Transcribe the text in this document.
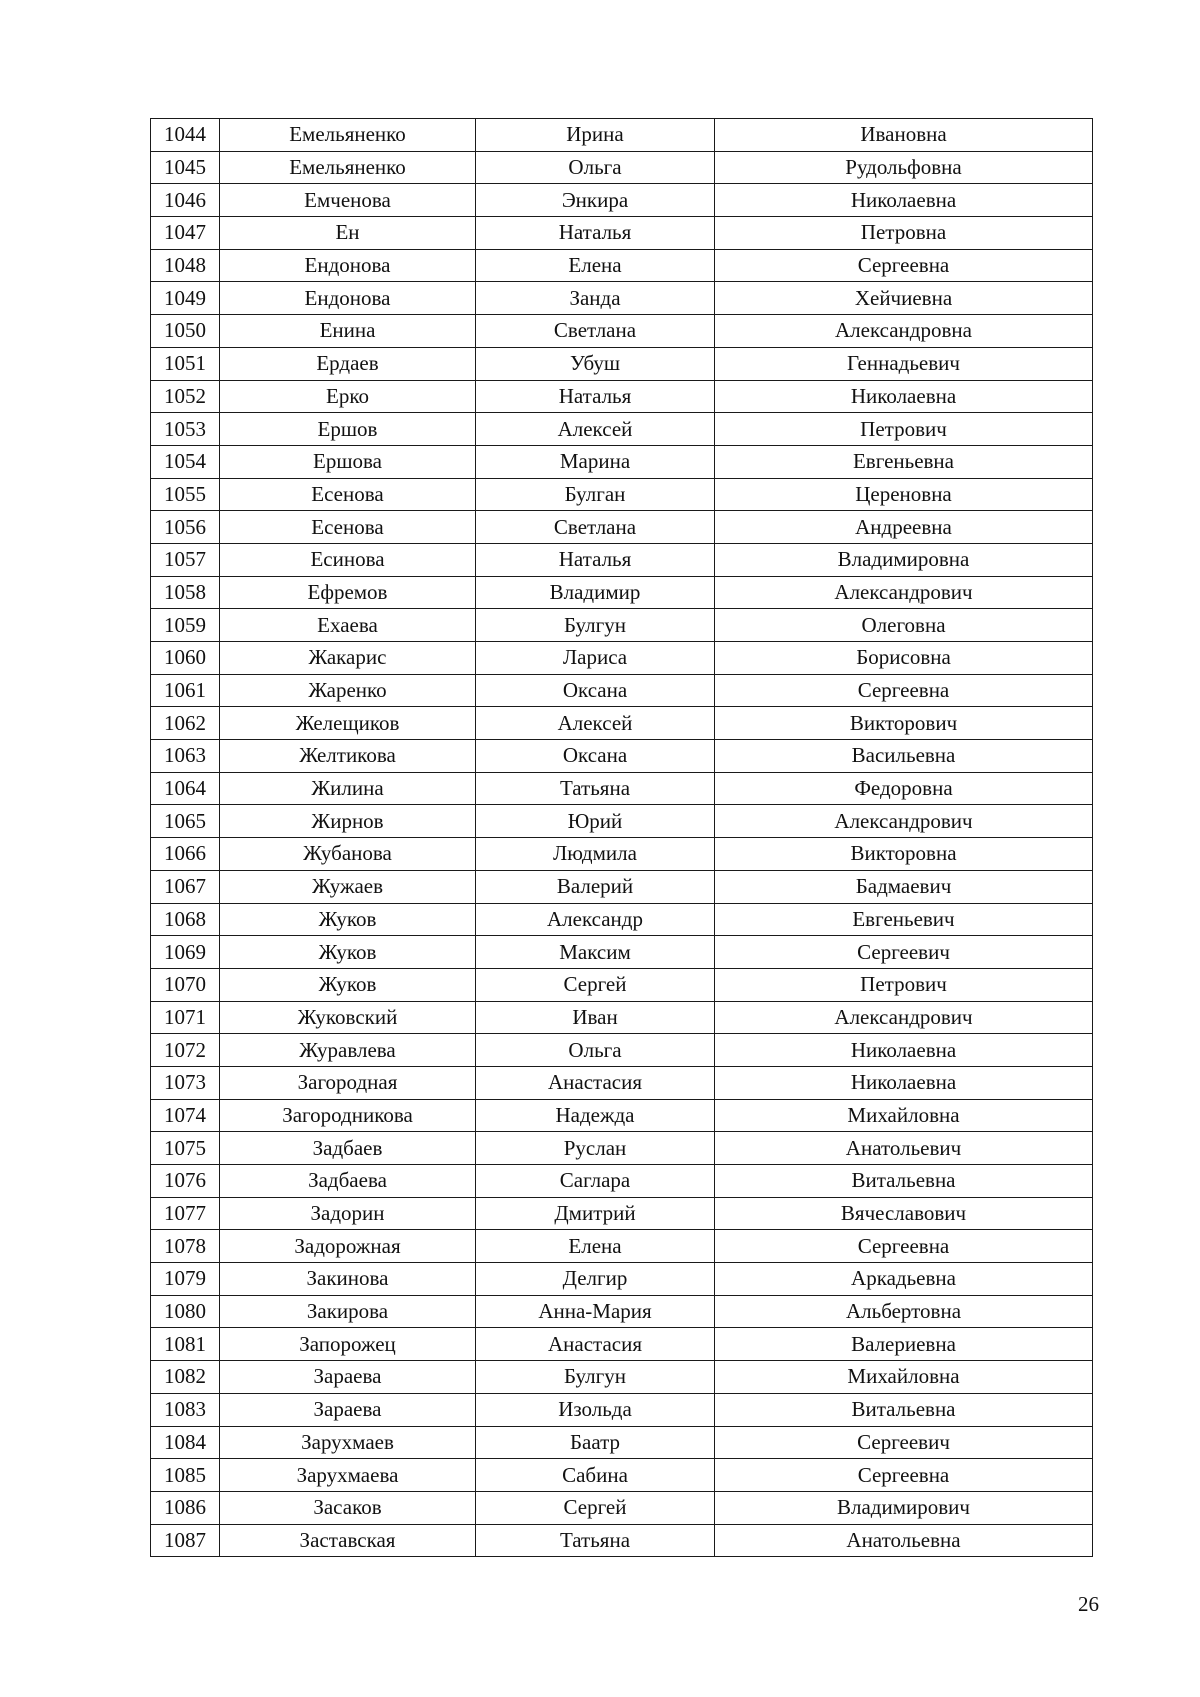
1044	Емельяненко	Ирина	Ивановна
1045	Емельяненко	Ольга	Рудольфовна
1046	Емченова	Энкира	Николаевна
1047	Ен	Наталья	Петровна
1048	Ендонова	Елена	Сергеевна
1049	Ендонова	Занда	Хейчиевна
1050	Енина	Светлана	Александровна
1051	Ердаев	Убуш	Геннадьевич
1052	Ерко	Наталья	Николаевна
1053	Ершов	Алексей	Петрович
1054	Ершова	Марина	Евгеньевна
1055	Есенова	Булган	Цереновна
1056	Есенова	Светлана	Андреевна
1057	Есинова	Наталья	Владимировна
1058	Ефремов	Владимир	Александрович
1059	Ехаева	Булгун	Олеговна
1060	Жакарис	Лариса	Борисовна
1061	Жаренко	Оксана	Сергеевна
1062	Желещиков	Алексей	Викторович
1063	Желтикова	Оксана	Васильевна
1064	Жилина	Татьяна	Федоровна
1065	Жирнов	Юрий	Александрович
1066	Жубанова	Людмила	Викторовна
1067	Жужаев	Валерий	Бадмаевич
1068	Жуков	Александр	Евгеньевич
1069	Жуков	Максим	Сергеевич
1070	Жуков	Сергей	Петрович
1071	Жуковский	Иван	Александрович
1072	Журавлева	Ольга	Николаевна
1073	Загородная	Анастасия	Николаевна
1074	Загородникова	Надежда	Михайловна
1075	Задбаев	Руслан	Анатольевич
1076	Задбаева	Саглара	Витальевна
1077	Задорин	Дмитрий	Вячеславович
1078	Задорожная	Елена	Сергеевна
1079	Закинова	Делгир	Аркадьевна
1080	Закирова	Анна-Мария	Альбертовна
1081	Запорожец	Анастасия	Валериевна
1082	Зараева	Булгун	Михайловна
1083	Зараева	Изольда	Витальевна
1084	Зарухмаев	Баатр	Сергеевич
1085	Зарухмаева	Сабина	Сергеевна
1086	Засаков	Сергей	Владимирович
1087	Заставская	Татьяна	Анатольевна
26
